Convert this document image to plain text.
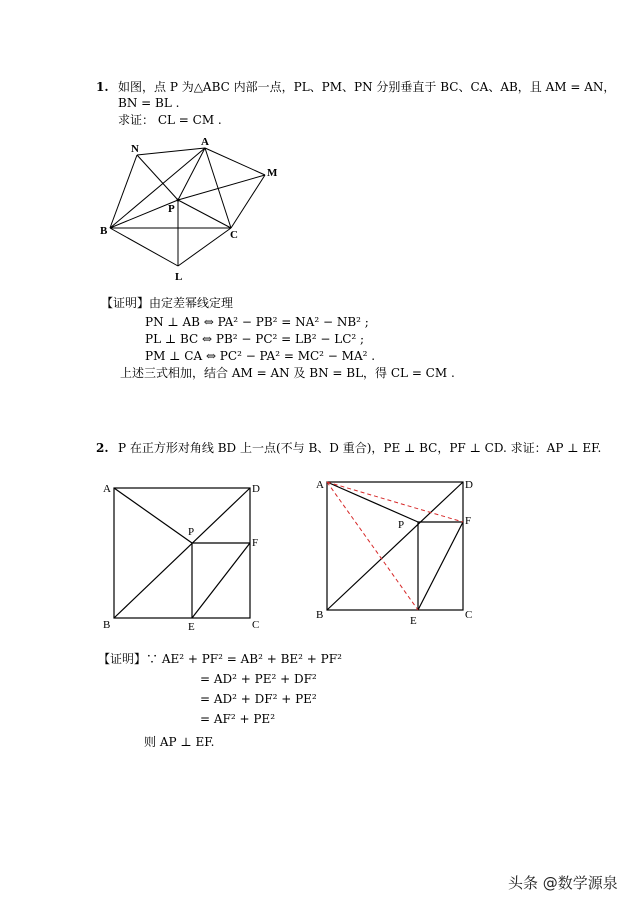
1. 如图，点 P 为△ABC 内部一点，PL、PM、PN 分别垂直于 BC、CA、AB，且 AM = AN，
BN = BL .
求证： CL = CM .
N
A
M
P
B	C
L
A	D
P
F
B	E	C
A	D
P	F
B	E	C
【证明】由定差幂线定理
PN ⊥ AB ⇔ PA² − PB² = NA² − NB² ;
PL ⊥ BC ⇔ PB² − PC² = LB² − LC² ;
PM ⊥ CA ⇔ PC² − PA² = MC² − MA² .
上述三式相加，结合 AM = AN 及 BN = BL，得 CL = CM .
2. P 在正方形对角线 BD 上一点(不与 B、D 重合)，PE ⊥ BC，PF ⊥ CD. 求证：AP ⊥ EF.
【证明】∵ AE² + PF² = AB² + BE² + PF²
= AD² + PE² + DF²
= AD² + DF² + PE²
= AF² + PE²
则 AP ⊥ EF.
头条 @数学源泉
